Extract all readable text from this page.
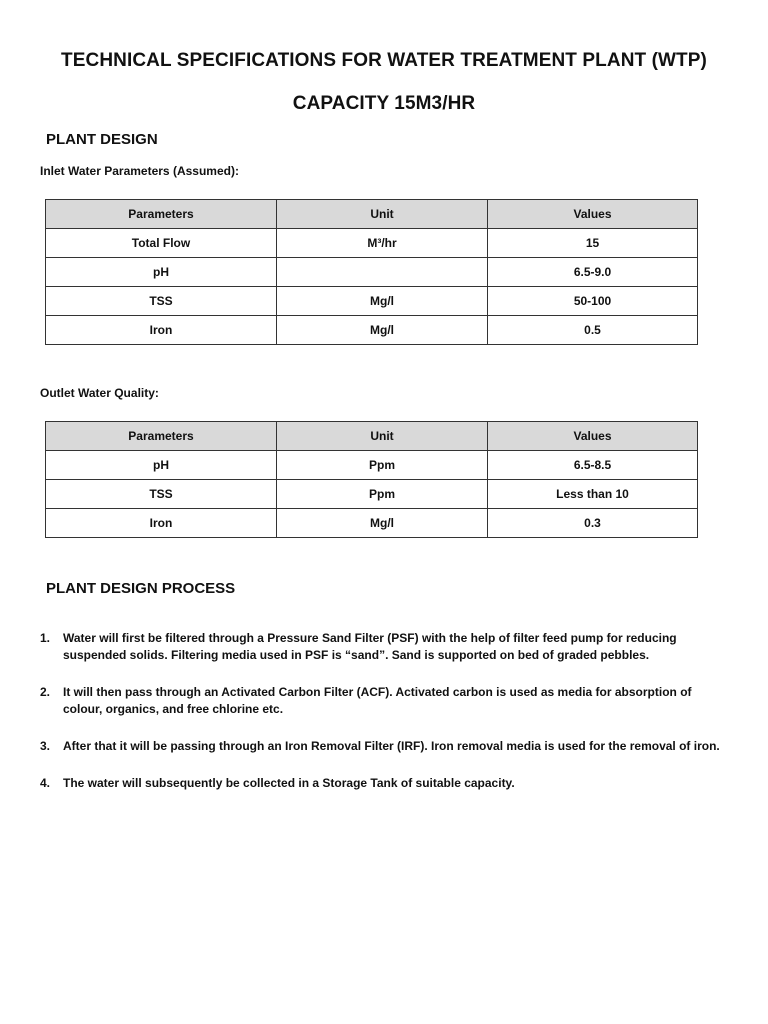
TECHNICAL SPECIFICATIONS FOR WATER TREATMENT PLANT (WTP)
CAPACITY 15M3/HR
PLANT DESIGN
Inlet Water Parameters (Assumed):
Parameters	Unit	Values
Total Flow	M³/hr	15
pH		6.5-9.0
TSS	Mg/l	50-100
Iron	Mg/l	0.5
Outlet Water Quality:
Parameters	Unit	Values
pH	Ppm	6.5-8.5
TSS	Ppm	Less than 10
Iron	Mg/l	0.3
PLANT DESIGN PROCESS
1. Water will first be filtered through a Pressure Sand Filter (PSF) with the help of filter feed pump for reducing suspended solids. Filtering media used in PSF is “sand”. Sand is supported on bed of graded pebbles.
2. It will then pass through an Activated Carbon Filter (ACF). Activated carbon is used as media for absorption of colour, organics, and free chlorine etc.
3. After that it will be passing through an Iron Removal Filter (IRF). Iron removal media is used for the removal of iron.
4. The water will subsequently be collected in a Storage Tank of suitable capacity.
